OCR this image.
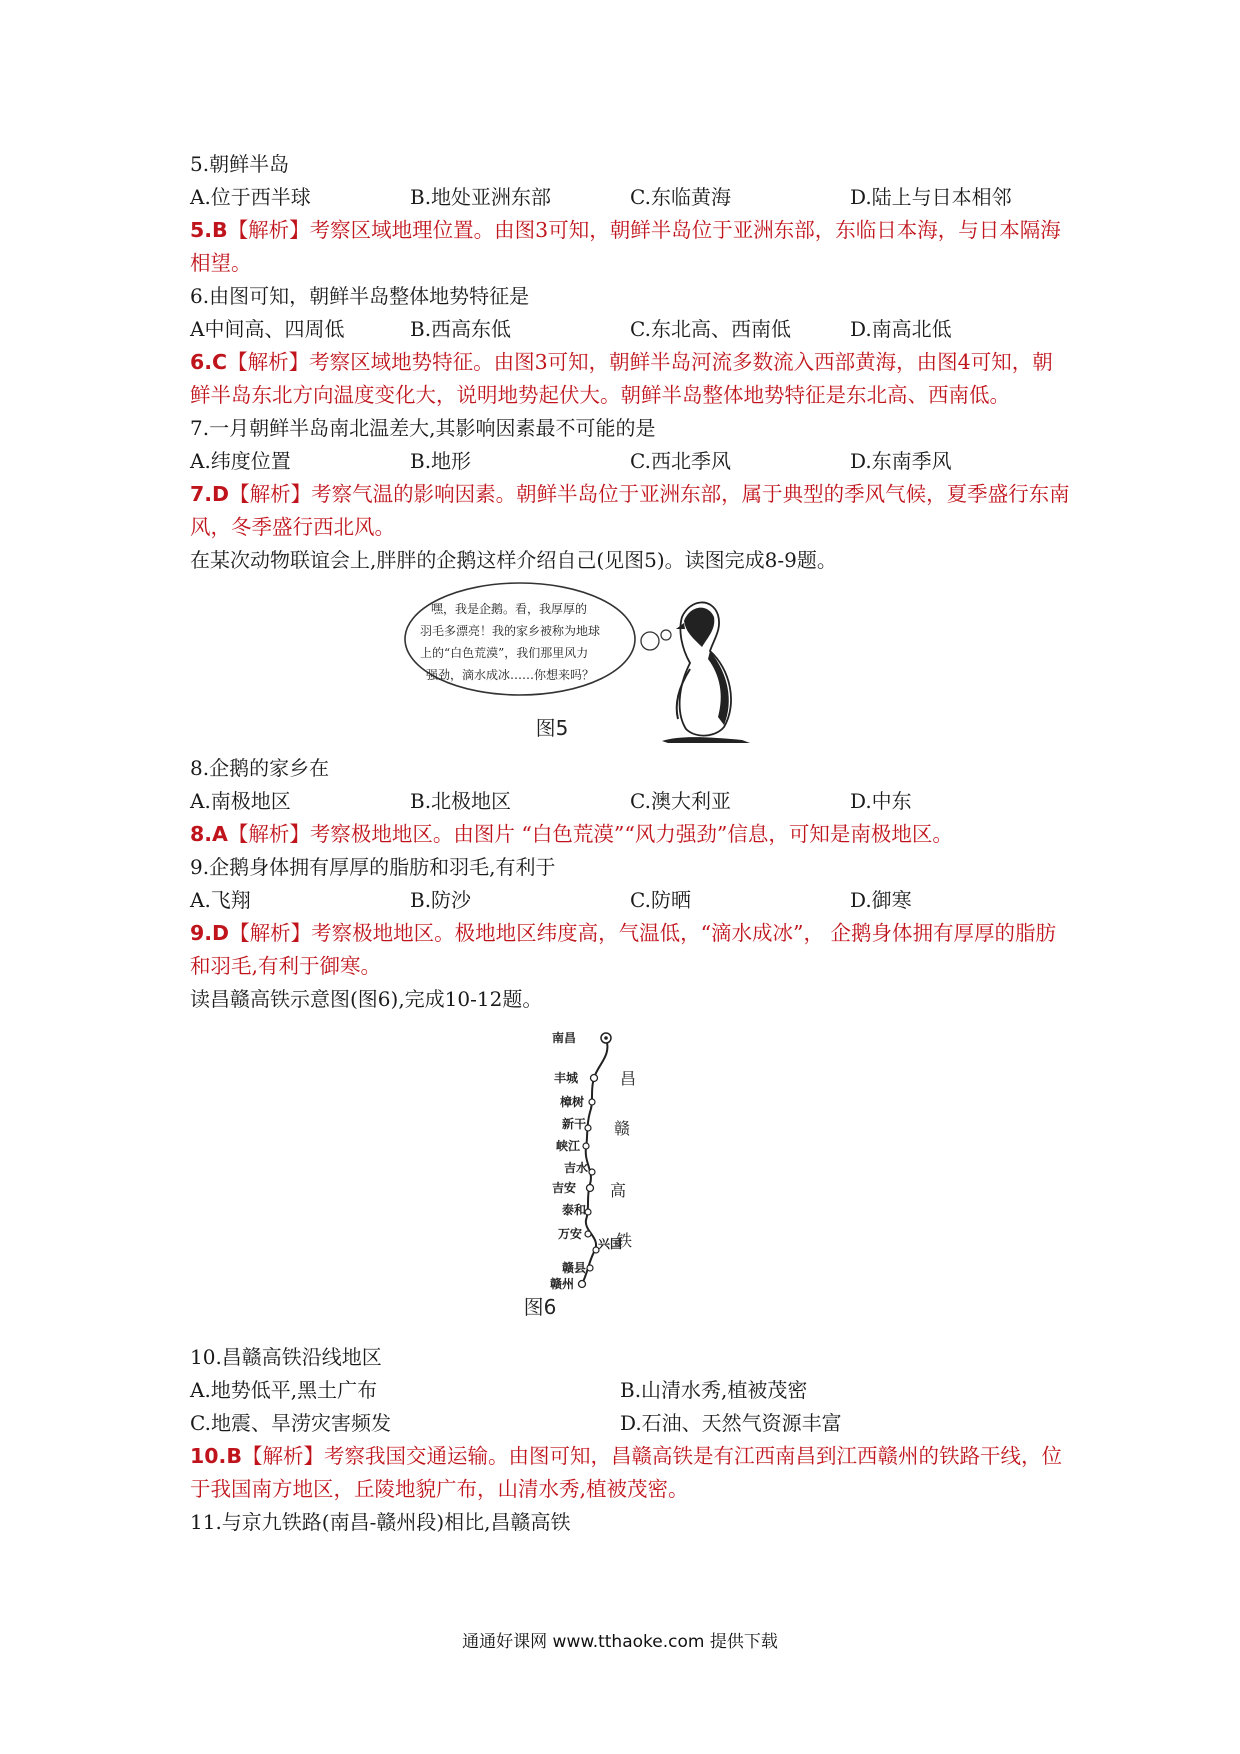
5.朝鲜半岛
A.位于西半球	B.地处亚洲东部	C.东临黄海	D.陆上与日本相邻
5.B【解析】考察区域地理位置。由图3可知，朝鲜半岛位于亚洲东部，东临日本海，与日本隔海相望。
6.由图可知，朝鲜半岛整体地势特征是
A中间高、四周低	B.西高东低	C.东北高、西南低	D.南高北低
6.C【解析】考察区域地势特征。由图3可知，朝鲜半岛河流多数流入西部黄海，由图4可知，朝鲜半岛东北方向温度变化大，说明地势起伏大。朝鲜半岛整体地势特征是东北高、西南低。
7.一月朝鲜半岛南北温差大,其影响因素最不可能的是
A.纬度位置	B.地形	C.西北季风	D.东南季风
7.D【解析】考察气温的影响因素。朝鲜半岛位于亚洲东部，属于典型的季风气候，夏季盛行东南风，冬季盛行西北风。
在某次动物联谊会上,胖胖的企鹅这样介绍自己(见图5)。读图完成8-9题。
嘿，我是企鹅。看，我厚厚的
羽毛多漂亮！我的家乡被称为地球
上的“白色荒漠”，我们那里风力
强劲，滴水成冰……你想来吗？
图5
8.企鹅的家乡在
A.南极地区	B.北极地区	C.澳大利亚	D.中东
8.A【解析】考察极地地区。由图片 “白色荒漠”“风力强劲”信息，可知是南极地区。
9.企鹅身体拥有厚厚的脂肪和羽毛,有利于
A.飞翔	B.防沙	C.防晒	D.御寒
9.D【解析】考察极地地区。极地地区纬度高，气温低，“滴水成冰”， 企鹅身体拥有厚厚的脂肪和羽毛,有利于御寒。
读昌赣高铁示意图(图6),完成10-12题。
南昌
丰城
樟树
新干
峡江
吉水
吉安
泰和
万安
兴国
赣县
赣州
昌
赣
高
铁
图6
10.昌赣高铁沿线地区
A.地势低平,黑土广布	B.山清水秀,植被茂密
C.地震、旱涝灾害频发	D.石油、天然气资源丰富
10.B【解析】考察我国交通运输。由图可知，昌赣高铁是有江西南昌到江西赣州的铁路干线，位于我国南方地区，丘陵地貌广布，山清水秀,植被茂密。
11.与京九铁路(南昌-赣州段)相比,昌赣高铁
通通好课网 www.tthaoke.com 提供下载
